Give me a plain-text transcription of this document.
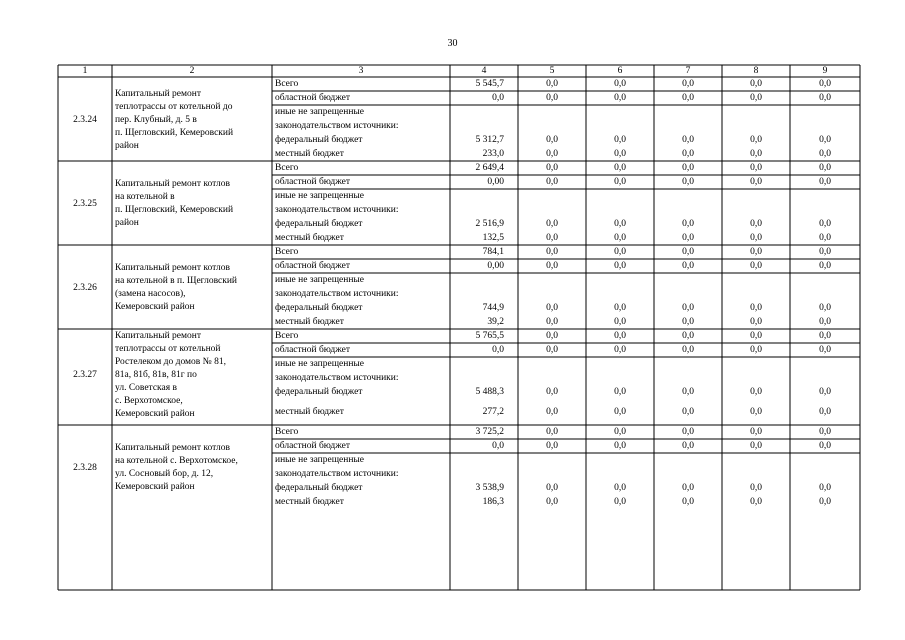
30
1	2	3	4	5	6	7	8	9
2.3.24
Капитальный ремонт
теплотрассы от котельной до
пер. Клубный, д. 5 в
п. Щегловский, Кемеровский
район
Всего	5 545,7	0,0	0,0	0,0	0,0	0,0
областной бюджет	0,0	0,0	0,0	0,0	0,0	0,0
иные не запрещенные
законодательством источники:
федеральный бюджет	5 312,7	0,0	0,0	0,0	0,0	0,0
местный бюджет	233,0	0,0	0,0	0,0	0,0	0,0
2.3.25
Капитальный ремонт котлов
на котельной в
п. Щегловский, Кемеровский
район
Всего	2 649,4	0,0	0,0	0,0	0,0	0,0
областной бюджет	0,00	0,0	0,0	0,0	0,0	0,0
иные не запрещенные
законодательством источники:
федеральный бюджет	2 516,9	0,0	0,0	0,0	0,0	0,0
местный бюджет	132,5	0,0	0,0	0,0	0,0	0,0
2.3.26
Капитальный ремонт котлов
на котельной в п. Щегловский
(замена насосов),
Кемеровский район
Всего	784,1	0,0	0,0	0,0	0,0	0,0
областной бюджет	0,00	0,0	0,0	0,0	0,0	0,0
иные не запрещенные
законодательством источники:
федеральный бюджет	744,9	0,0	0,0	0,0	0,0	0,0
местный бюджет	39,2	0,0	0,0	0,0	0,0	0,0
2.3.27
Капитальный ремонт
теплотрассы от котельной
Ростелеком до домов № 81,
81а, 81б, 81в, 81г по
ул. Советская в
с. Верхотомское,
Кемеровский район
Всего	5 765,5	0,0	0,0	0,0	0,0	0,0
областной бюджет	0,0	0,0	0,0	0,0	0,0	0,0
иные не запрещенные
законодательством источники:
федеральный бюджет	5 488,3	0,0	0,0	0,0	0,0	0,0
местный бюджет	277,2	0,0	0,0	0,0	0,0	0,0
2.3.28
Капитальный ремонт котлов
на котельной с. Верхотомское,
ул. Сосновый бор, д. 12,
Кемеровский район
Всего	3 725,2	0,0	0,0	0,0	0,0	0,0
областной бюджет	0,0	0,0	0,0	0,0	0,0	0,0
иные не запрещенные
законодательством источники:
федеральный бюджет	3 538,9	0,0	0,0	0,0	0,0	0,0
местный бюджет	186,3	0,0	0,0	0,0	0,0	0,0
